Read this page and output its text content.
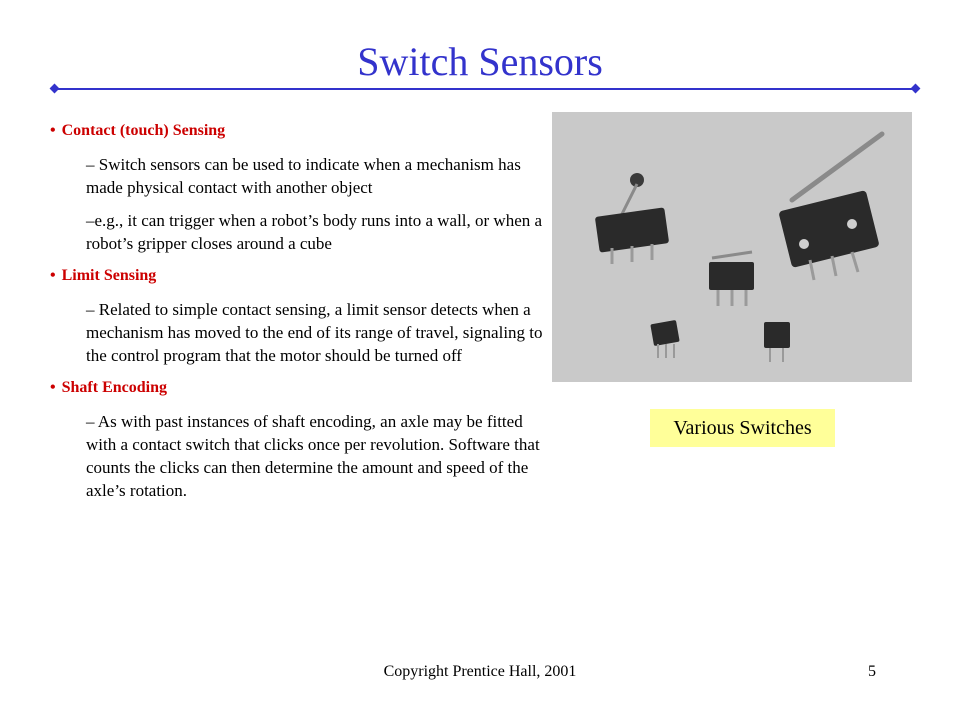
Switch Sensors
• Contact (touch) Sensing
– Switch sensors can be used to indicate when a mechanism has made physical contact with another object
–e.g., it can trigger when a robot’s body runs into a wall, or when a robot’s gripper closes around a cube
• Limit Sensing
– Related to simple contact sensing, a limit sensor detects when a mechanism has moved to the end of its range of travel, signaling to the control program that the motor should be turned off
• Shaft Encoding
– As with past instances of shaft encoding, an axle may be fitted with a contact switch that clicks once per revolution. Software that counts the clicks can then determine the amount and speed of the axle’s rotation.
Various Switches
Copyright Prentice Hall, 2001	5
